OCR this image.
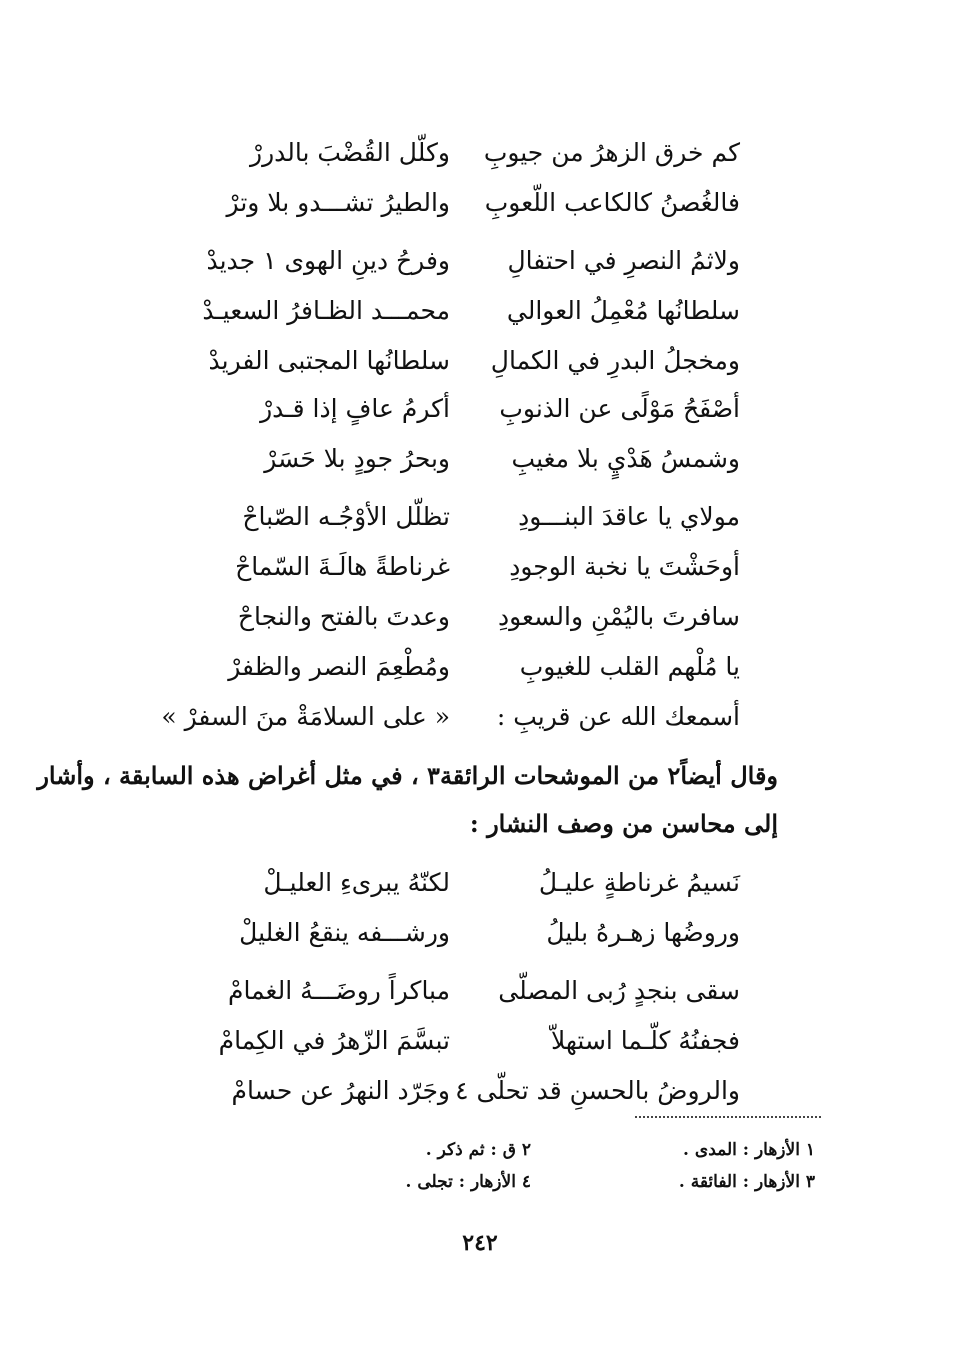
كم خرق الزهرُ من جيوبِ
وكلّل القُضْبَ بالدررْ
فالغُصنُ كالكاعب اللّعوبِ
والطيرُ تشـــدو بلا وترْ
ولاثمُ النصرِ في احتفالِ
وفرحُ دينِ الهوى ١ جديدْ
سلطانُها مُعْمِلُ العوالي
محمـــد الظـافرُ السعيـدْ
ومخجلُ البدرِ في الكمالِ
سلطانُها المجتبى الفريدْ
أصْفَحُ مَوْلًى عن الذنوبِ
أكرمُ عافٍ إذا قـدرْ
وشمسُ هَدْيٍ بلا مغيبِ
وبحرُ جودٍ بلا حَسَرْ
مولاي يا عاقدَ البنـــودِ
تظلّل الأوْجُـه الصّباحْ
أوحَشْتَ يا نخبة الوجودِ
غرناطةً هالَـةَ السّماحْ
سافرتَ باليُمْنِ والسعودِ
وعدتَ بالفتح والنجاحْ
يا مُلْهم القلب للغيوبِ
ومُطْعِمَ النصر والظفرْ
أسمعك الله عن قريبِ :
« على السلامَةْ منَ السفرْ »
وقال أيضاً٢ من الموشحات الرائقة٣ ، في مثل أغراض هذه السابقة ، وأشار
إلى محاسن من وصف النشار :
نَسيمُ غرناطةٍ عليـلُ
لكنّهُ يبرىءِ العليـلْ
وروضُها زهـرهُ بليلُ
ورشـــفه ينقعُ الغليلْ
سقى بنجدٍ رُبى المصلّى
مباكراً روضَـــهُ الغمامْ
فجفنُهُ كلّـما استهلاّ
تبسَّمَ الزّهرُ في الكِمامْ
والروضُ بالحسنِ قد تحلّى ٤
وجَرّد النهرُ عن حسامْ
١ الأزهار : المدى .
٣ الأزهار : الفائقة .
٢ ق : ثم ذكر .
٤ الأزهار : تجلى .
٢٤٢
